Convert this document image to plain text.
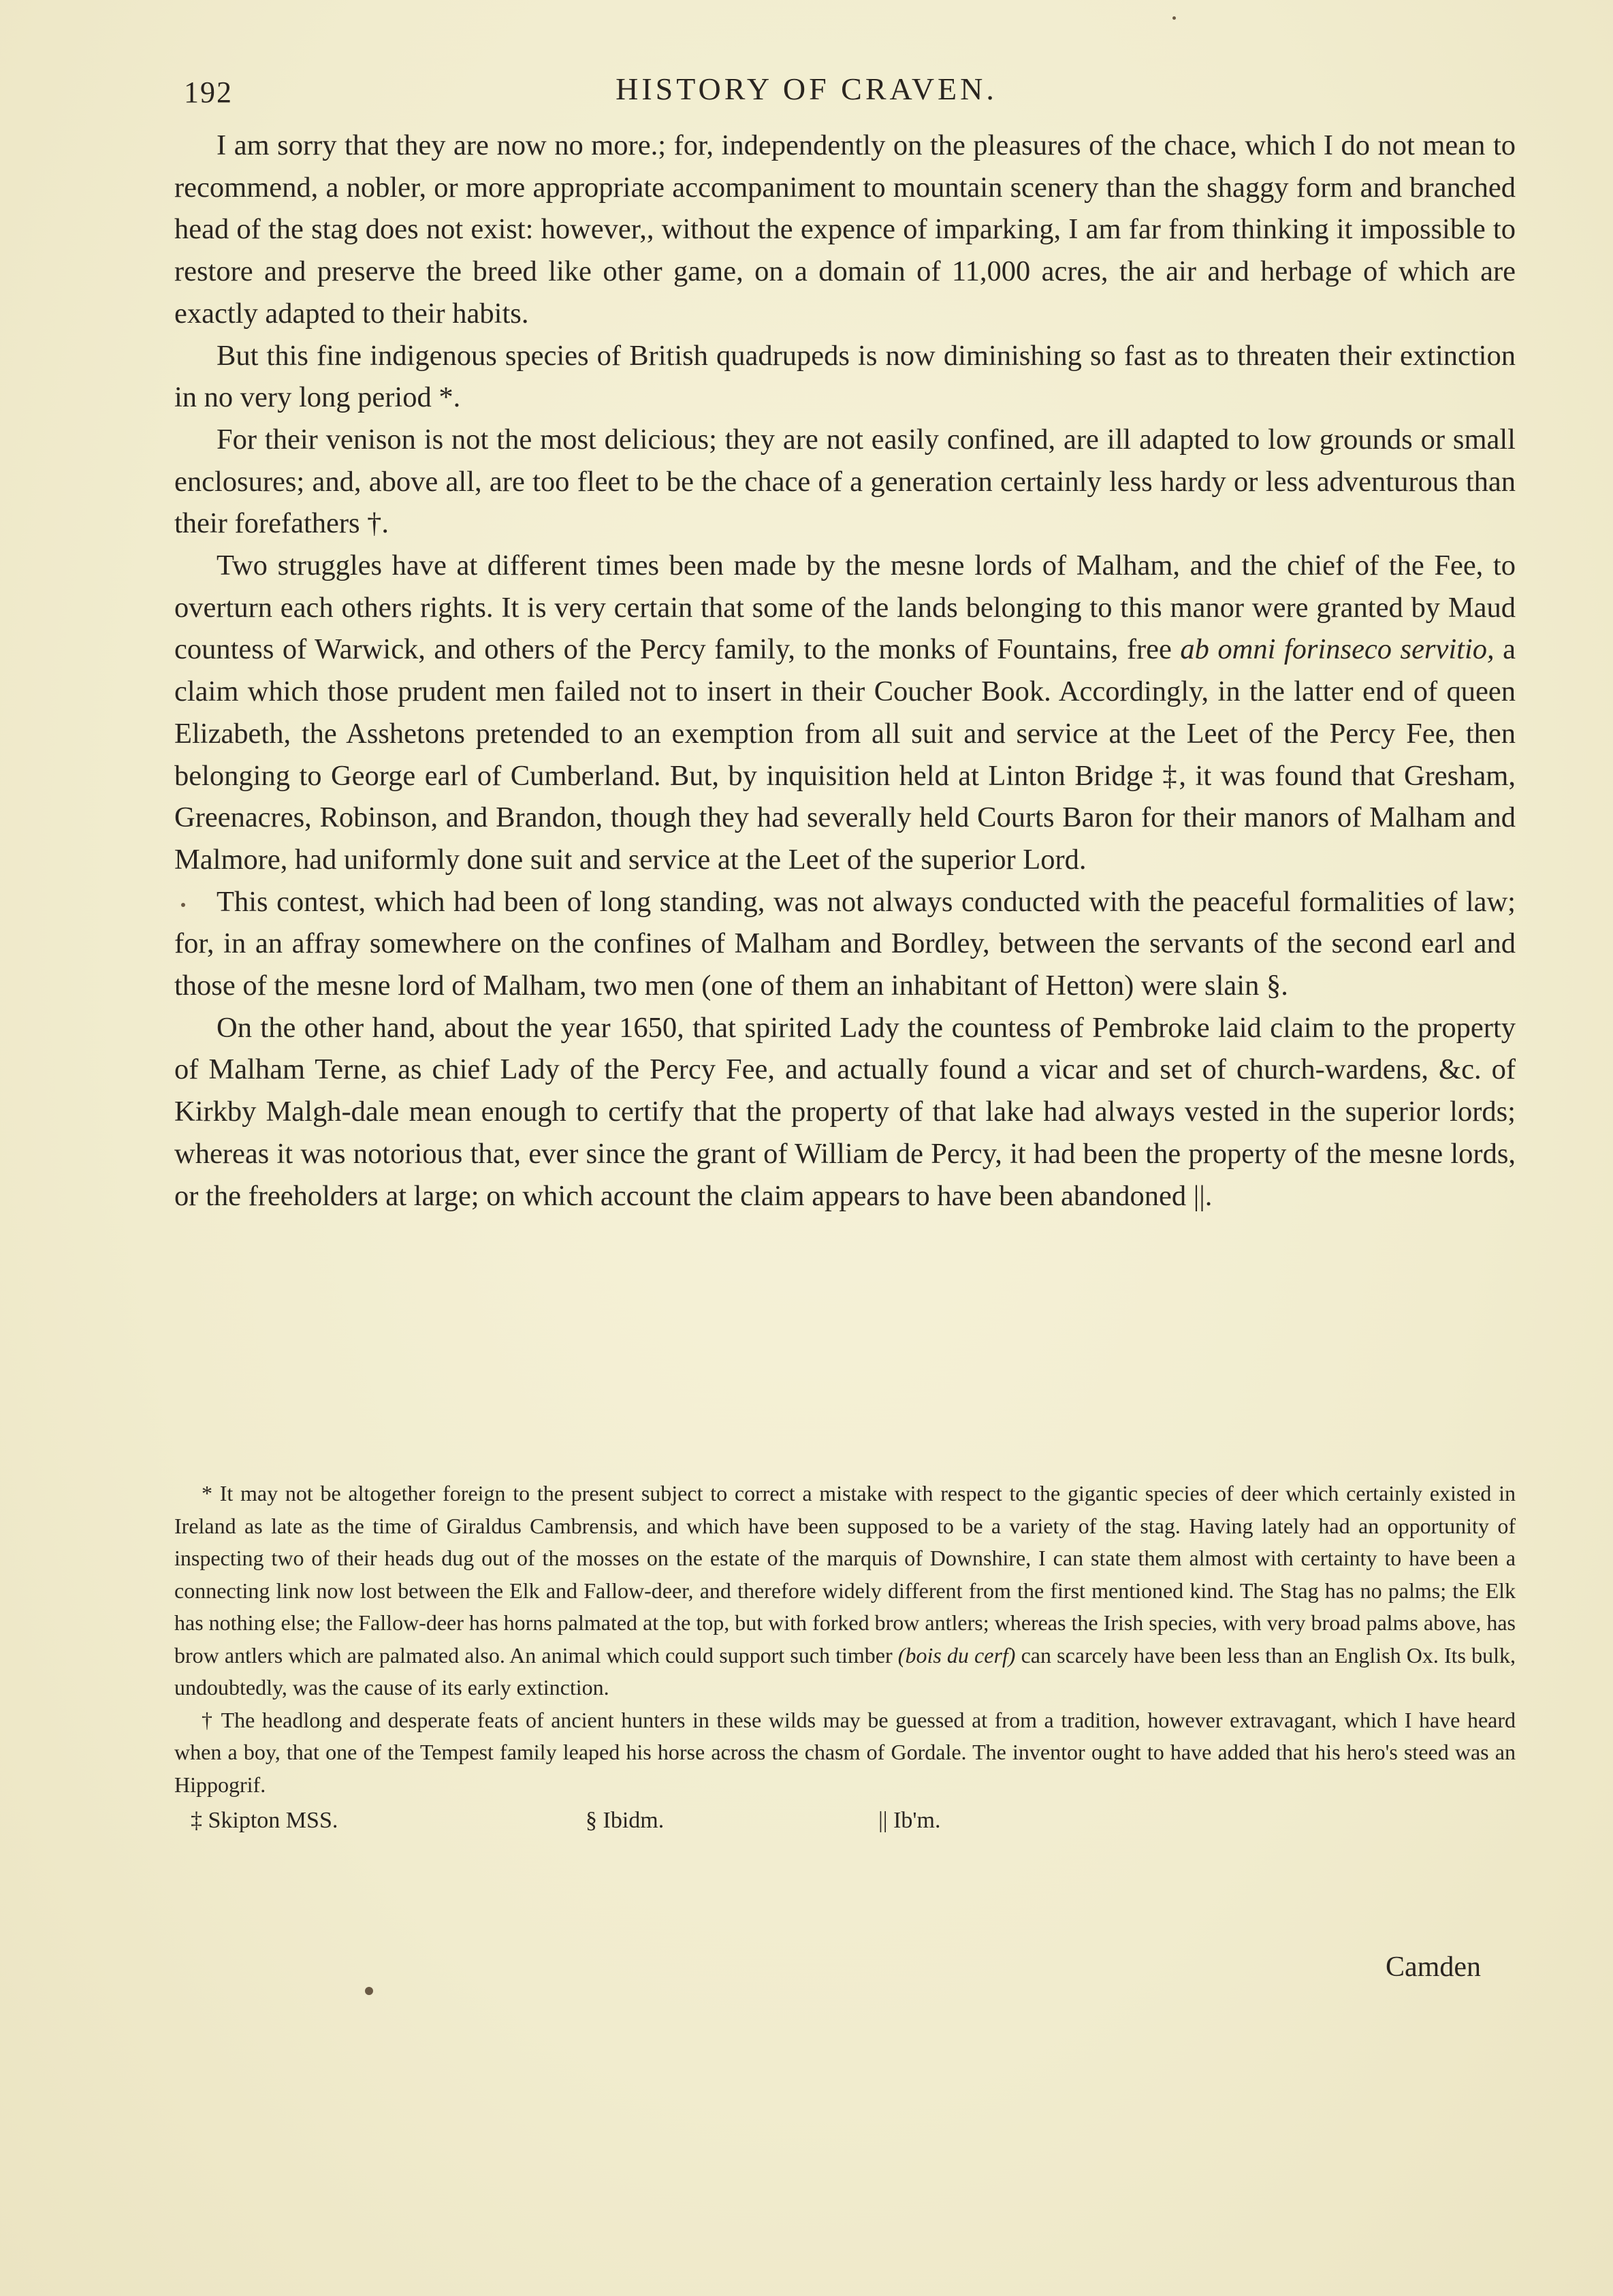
192	HISTORY OF CRAVEN.

I am sorry that they are now no more.; for, independently on the pleasures of the chace, which I do not mean to recommend, a nobler, or more appropriate accompaniment to mountain scenery than the shaggy form and branched head of the stag does not exist: however,, without the expence of imparking, I am far from thinking it impossible to restore and preserve the breed like other game, on a domain of 11,000 acres, the air and herbage of which are exactly adapted to their habits.

But this fine indigenous species of British quadrupeds is now diminishing so fast as to threaten their extinction in no very long period *.

For their venison is not the most delicious; they are not easily confined, are ill adapted to low grounds or small enclosures; and, above all, are too fleet to be the chace of a generation certainly less hardy or less adventurous than their forefathers †.

Two struggles have at different times been made by the mesne lords of Malham, and the chief of the Fee, to overturn each others rights. It is very certain that some of the lands belonging to this manor were granted by Maud countess of Warwick, and others of the Percy family, to the monks of Fountains, free ab omni forinseco servitio, a claim which those prudent men failed not to insert in their Coucher Book. Accordingly, in the latter end of queen Elizabeth, the Asshetons pretended to an exemption from all suit and service at the Leet of the Percy Fee, then belonging to George earl of Cumberland. But, by inquisition held at Linton Bridge ‡, it was found that Gresham, Greenacres, Robinson, and Brandon, though they had severally held Courts Baron for their manors of Malham and Malmore, had uniformly done suit and service at the Leet of the superior Lord.

This contest, which had been of long standing, was not always conducted with the peaceful formalities of law; for, in an affray somewhere on the confines of Malham and Bordley, between the servants of the second earl and those of the mesne lord of Malham, two men (one of them an inhabitant of Hetton) were slain §.

On the other hand, about the year 1650, that spirited Lady the countess of Pembroke laid claim to the property of Malham Terne, as chief Lady of the Percy Fee, and actually found a vicar and set of church-wardens, &c. of Kirkby Malgh-dale mean enough to certify that the property of that lake had always vested in the superior lords; whereas it was notorious that, ever since the grant of William de Percy, it had been the property of the mesne lords, or the freeholders at large; on which account the claim appears to have been abandoned ||.

* It may not be altogether foreign to the present subject to correct a mistake with respect to the gigantic species of deer which certainly existed in Ireland as late as the time of Giraldus Cambrensis, and which have been supposed to be a variety of the stag. Having lately had an opportunity of inspecting two of their heads dug out of the mosses on the estate of the marquis of Downshire, I can state them almost with certainty to have been a connecting link now lost between the Elk and Fallow-deer, and therefore widely different from the first mentioned kind. The Stag has no palms; the Elk has nothing else; the Fallow-deer has horns palmated at the top, but with forked brow antlers; whereas the Irish species, with very broad palms above, has brow antlers which are palmated also. An animal which could support such timber (bois du cerf) can scarcely have been less than an English Ox. Its bulk, undoubtedly, was the cause of its early extinction.

† The headlong and desperate feats of ancient hunters in these wilds may be guessed at from a tradition, however extravagant, which I have heard when a boy, that one of the Tempest family leaped his horse across the chasm of Gordale. The inventor ought to have added that his hero's steed was an Hippogrif.

‡ Skipton MSS.	§ Ibidm.	|| Ib'm.
Camden
